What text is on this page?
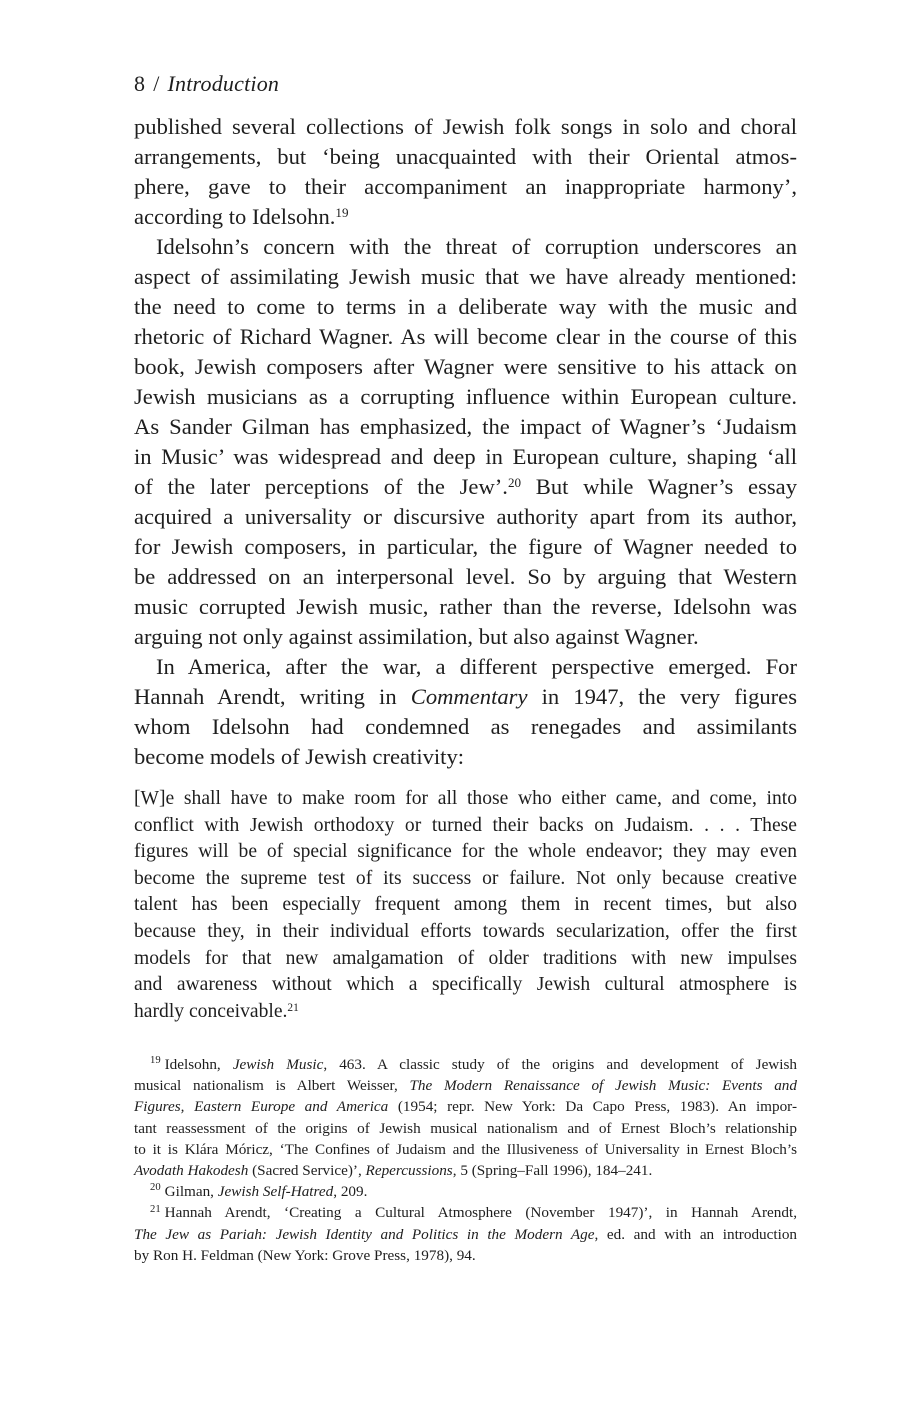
8 / Introduction
published several collections of Jewish folk songs in solo and choral
arrangements, but ‘being unacquainted with their Oriental atmos-
phere, gave to their accompaniment an inappropriate harmony’,
according to Idelsohn.$^{19}$
Idelsohn’s concern with the threat of corruption underscores an
aspect of assimilating Jewish music that we have already mentioned:
the need to come to terms in a deliberate way with the music and
rhetoric of Richard Wagner. As will become clear in the course of this
book, Jewish composers after Wagner were sensitive to his attack on
Jewish musicians as a corrupting influence within European culture.
As Sander Gilman has emphasized, the impact of Wagner’s ‘Judaism
in Music’ was widespread and deep in European culture, shaping ‘all
of the later perceptions of the Jew’.$^{20}$ But while Wagner’s essay
acquired a universality or discursive authority apart from its author,
for Jewish composers, in particular, the figure of Wagner needed to
be addressed on an interpersonal level. So by arguing that Western
music corrupted Jewish music, rather than the reverse, Idelsohn was
arguing not only against assimilation, but also against Wagner.
In America, after the war, a different perspective emerged. For
Hannah Arendt, writing in Commentary in 1947, the very figures
whom Idelsohn had condemned as renegades and assimilants
become models of Jewish creativity:
[W]e shall have to make room for all those who either came, and come, into
conflict with Jewish orthodoxy or turned their backs on Judaism. . . . These
figures will be of special significance for the whole endeavor; they may even
become the supreme test of its success or failure. Not only because creative
talent has been especially frequent among them in recent times, but also
because they, in their individual efforts towards secularization, offer the first
models for that new amalgamation of older traditions with new impulses
and awareness without which a specifically Jewish cultural atmosphere is
hardly conceivable.$^{21}$
$^{19}$ Idelsohn, Jewish Music, 463. A classic study of the origins and development of Jewish
musical nationalism is Albert Weisser, The Modern Renaissance of Jewish Music: Events and
Figures, Eastern Europe and America (1954; repr. New York: Da Capo Press, 1983). An impor-
tant reassessment of the origins of Jewish musical nationalism and of Ernest Bloch’s relationship
to it is Klára Móricz, ‘The Confines of Judaism and the Illusiveness of Universality in Ernest Bloch’s
Avodath Hakodesh (Sacred Service)’, Repercussions, 5 (Spring–Fall 1996), 184–241.
$^{20}$ Gilman, Jewish Self-Hatred, 209.
$^{21}$ Hannah Arendt, ‘Creating a Cultural Atmosphere (November 1947)’, in Hannah Arendt,
The Jew as Pariah: Jewish Identity and Politics in the Modern Age, ed. and with an introduction
by Ron H. Feldman (New York: Grove Press, 1978), 94.
